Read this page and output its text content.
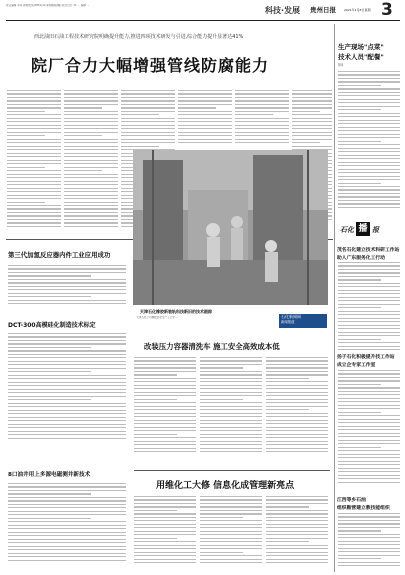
责任编辑 李东 新闻热线(0851)12 新闻邮箱(略) 版式设计 11 ... 编辑 ...
科技·发展 贵州日报	2021年1月8日星期 3
西北油田石油工程技术研究院明确提升能力,推进四项技术研发与引进,综合能力提升显著达41%
院厂合力大幅增强管线防腐能力
第三代加氢反应器内件工业应用成功
天津石化橡胶新装轨科技新旧的技术跟踪
天津石化公司橡胶部在生产工艺中....	石化新闻网
新闻报道
DCT-300高模硅化制造技术标定
改装压力容器清洗车 施工安全高效成本低
8口油井用上多源电磁测井新技术
用维化工大修 信息化成管理新亮点
生产现场"点菜"
技术人员"配餐"
陈明
石化 播 报
茂名石化建立技术科研工作站
助人广东服务化工行动
扬子石化积极提升技工作站
成立企专家工作室
江西等乡石油
组织鞍营建立教技能组织
